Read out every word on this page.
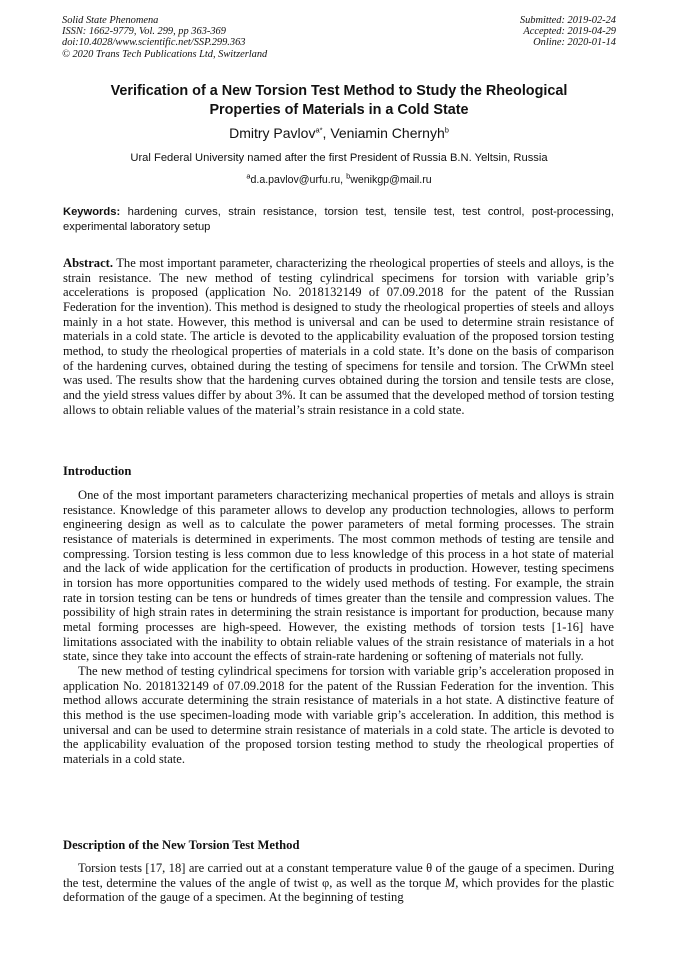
Solid State Phenomena
ISSN: 1662-9779, Vol. 299, pp 363-369
doi:10.4028/www.scientific.net/SSP.299.363
© 2020 Trans Tech Publications Ltd, Switzerland
Submitted: 2019-02-24
Accepted: 2019-04-29
Online: 2020-01-14
Verification of a New Torsion Test Method to Study the Rheological
Properties of Materials in a Cold State
Dmitry Pavlov$^{a*}$, Veniamin Chernyh$^b$
Ural Federal University named after the first President of Russia B.N. Yeltsin, Russia
$^a$d.a.pavlov@urfu.ru, $^b$wenikgp@mail.ru
Keywords: hardening curves, strain resistance, torsion test, tensile test, test control, post-processing, experimental laboratory setup
Abstract. The most important parameter, characterizing the rheological properties of steels and alloys, is the strain resistance. The new method of testing cylindrical specimens for torsion with variable grip’s accelerations is proposed (application No. 2018132149 of 07.09.2018 for the patent of the Russian Federation for the invention). This method is designed to study the rheological properties of steels and alloys mainly in a hot state. However, this method is universal and can be used to determine strain resistance of materials in a cold state. The article is devoted to the applicability evaluation of the proposed torsion testing method, to study the rheological properties of materials in a cold state. It’s done on the basis of comparison of the hardening curves, obtained during the testing of specimens for tensile and torsion. The CrWMn steel was used. The results show that the hardening curves obtained during the torsion and tensile tests are close, and the yield stress values differ by about 3%. It can be assumed that the developed method of torsion testing allows to obtain reliable values of the material’s strain resistance in a cold state.
Introduction

One of the most important parameters characterizing mechanical properties of metals and alloys is strain resistance. Knowledge of this parameter allows to develop any production technologies, allows to perform engineering design as well as to calculate the power parameters of metal forming processes. The strain resistance of materials is determined in experiments. The most common methods of testing are tensile and compressing. Torsion testing is less common due to less knowledge of this process in a hot state of material and the lack of wide application for the certification of products in production. However, testing specimens in torsion has more opportunities compared to the widely used methods of testing. For example, the strain rate in torsion testing can be tens or hundreds of times greater than the tensile and compression values. The possibility of high strain rates in determining the strain resistance is important for production, because many metal forming processes are high-speed. However, the existing methods of torsion tests [1-16] have limitations associated with the inability to obtain reliable values of the strain resistance of materials in a hot state, since they take into account the effects of strain-rate hardening or softening of materials not fully.

The new method of testing cylindrical specimens for torsion with variable grip’s acceleration proposed in application No. 2018132149 of 07.09.2018 for the patent of the Russian Federation for the invention. This method allows accurate determining the strain resistance of materials in a hot state. A distinctive feature of this method is the use specimen-loading mode with variable grip’s acceleration. In addition, this method is universal and can be used to determine strain resistance of materials in a cold state. The article is devoted to the applicability evaluation of the proposed torsion testing method to study the rheological properties of materials in a cold state.

Description of the New Torsion Test Method

Torsion tests [17, 18] are carried out at a constant temperature value θ of the gauge of a specimen. During the test, determine the values of the angle of twist φ, as well as the torque M, which provides for the plastic deformation of the gauge of a specimen. At the beginning of testing
